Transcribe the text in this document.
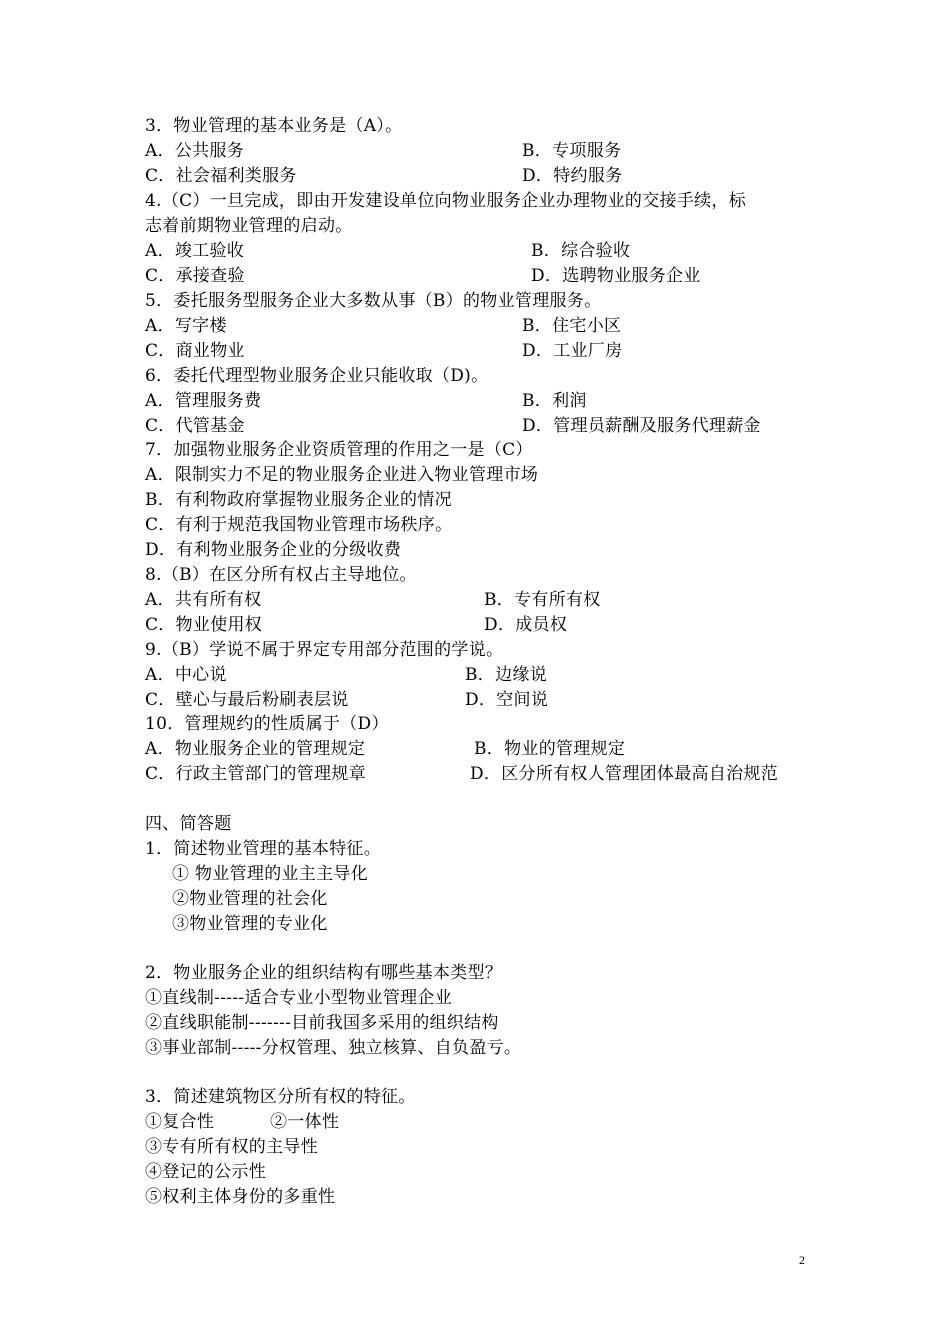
3．物业管理的基本业务是（A）。
A．公共服务	B．专项服务
C．社会福利类服务	D．特约服务
4.（C）一旦完成，即由开发建设单位向物业服务企业办理物业的交接手续，标
志着前期物业管理的启动。
A．竣工验收	B．综合验收
C．承接查验	D．选聘物业服务企业
5．委托服务型服务企业大多数从事（B）的物业管理服务。
A．写字楼	B．住宅小区
C．商业物业	D．工业厂房
6．委托代理型物业服务企业只能收取（D)。
A．管理服务费	B．利润
C．代管基金	D．管理员薪酬及服务代理薪金
7．加强物业服务企业资质管理的作用之一是（C）
A．限制实力不足的物业服务企业进入物业管理市场
B．有利物政府掌握物业服务企业的情况
C．有利于规范我国物业管理市场秩序。
D．有利物业服务企业的分级收费
8.（B）在区分所有权占主导地位。
A．共有所有权	B．专有所有权
C．物业使用权	D．成员权
9.（B）学说不属于界定专用部分范围的学说。
A．中心说	B．边缘说
C．壁心与最后粉刷表层说	D．空间说
10．管理规约的性质属于（D）
A．物业服务企业的管理规定	B．物业的管理规定
C．行政主管部门的管理规章	D．区分所有权人管理团体最高自治规范
四、简答题
1．简述物业管理的基本特征。
① 物业管理的业主主导化
②物业管理的社会化
③物业管理的专业化
2．物业服务企业的组织结构有哪些基本类型？
①直线制-----适合专业小型物业管理企业
②直线职能制-------目前我国多采用的组织结构
③事业部制-----分权管理、独立核算、自负盈亏。
3．简述建筑物区分所有权的特征。
①复合性	②一体性
③专有所有权的主导性
④登记的公示性
⑤权利主体身份的多重性
2
